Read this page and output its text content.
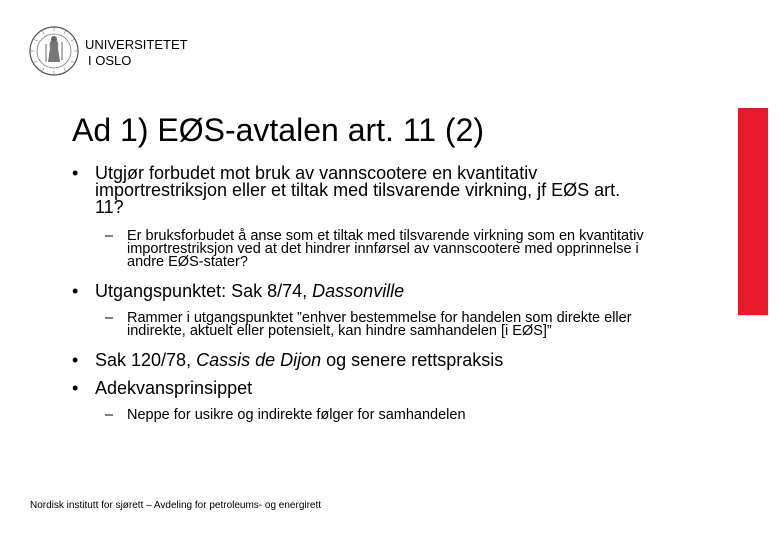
UNIVERSITETET
I OSLO
Ad 1) EØS-avtalen art. 11 (2)
• Utgjør forbudet mot bruk av vannscootere en kvantitativ importrestriksjon eller et tiltak med tilsvarende virkning, jf EØS art. 11?
– Er bruksforbudet å anse som et tiltak med tilsvarende virkning som en kvantitativ importrestriksjon ved at det hindrer innførsel av vannscootere med opprinnelse i andre EØS-stater?
• Utgangspunktet: Sak 8/74, Dassonville
– Rammer i utgangspunktet ”enhver bestemmelse for handelen som direkte eller indirekte, aktuelt eller potensielt, kan hindre samhandelen [i EØS]”
• Sak 120/78, Cassis de Dijon og senere rettspraksis
• Adekvansprinsippet
– Neppe for usikre og indirekte følger for samhandelen
Nordisk institutt for sjørett – Avdeling for petroleums- og energirett
